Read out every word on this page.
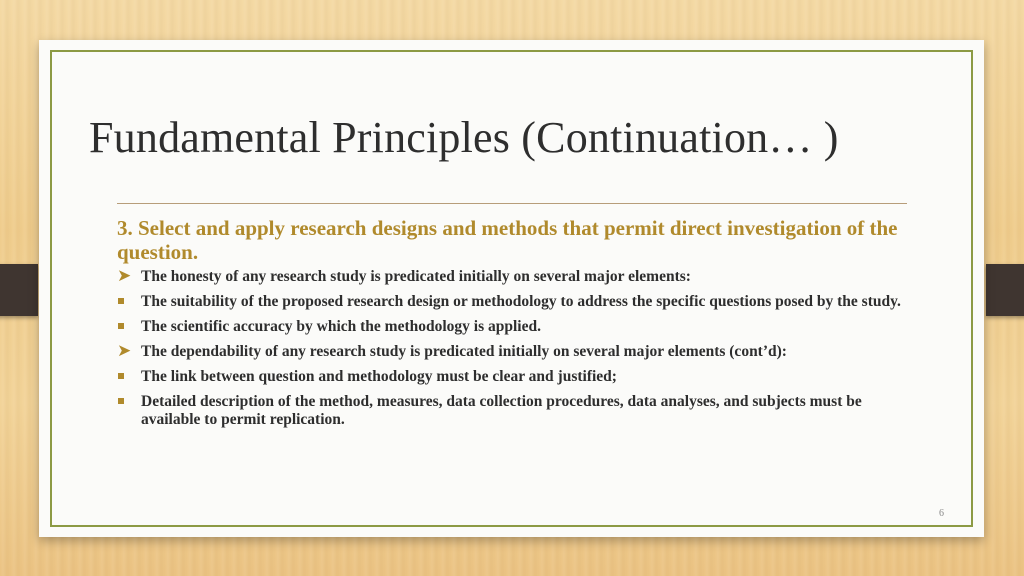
Fundamental Principles (Continuation… )

3. Select and apply research designs and methods that permit direct investigation of the question.

➤ The honesty of any research study is predicated initially on several major elements:
The suitability of the proposed research design or methodology to address the specific questions posed by the study.
The scientific accuracy by which the methodology is applied.
➤ The dependability of any research study is predicated initially on several major elements (cont’d):
The link between question and methodology must be clear and justified;
Detailed description of the method, measures, data collection procedures, data analyses, and subjects must be available to permit replication.
6
